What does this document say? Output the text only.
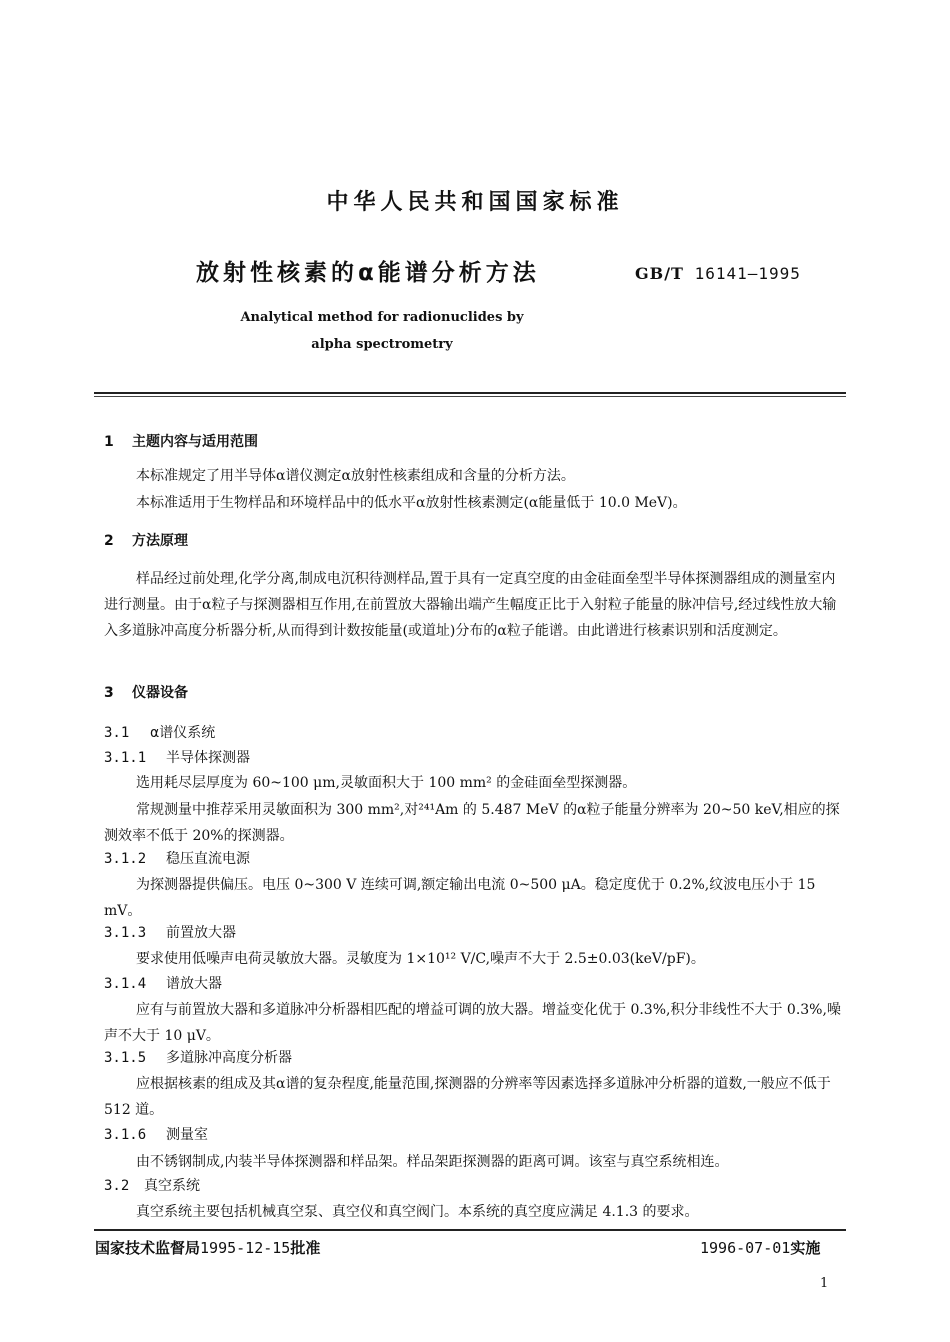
中华人民共和国国家标准
放射性核素的α能谱分析方法	GB/T 16141—1995
Analytical method for radionuclides by
alpha spectrometry
1 主题内容与适用范围
本标准规定了用半导体α谱仪测定α放射性核素组成和含量的分析方法。
本标准适用于生物样品和环境样品中的低水平α放射性核素测定(α能量低于 10.0 MeV)。
2 方法原理
样品经过前处理,化学分离,制成电沉积待测样品,置于具有一定真空度的由金硅面垒型半导体探测器组成的测量室内进行测量。由于α粒子与探测器相互作用,在前置放大器输出端产生幅度正比于入射粒子能量的脉冲信号,经过线性放大输入多道脉冲高度分析器分析,从而得到计数按能量(或道址)分布的α粒子能谱。由此谱进行核素识别和活度测定。
3 仪器设备
3.1 α谱仪系统
3.1.1 半导体探测器
选用耗尽层厚度为 60~100 μm,灵敏面积大于 100 mm² 的金硅面垒型探测器。
常规测量中推荐采用灵敏面积为 300 mm²,对²⁴¹Am 的 5.487 MeV 的α粒子能量分辨率为 20~50 keV,相应的探测效率不低于 20%的探测器。
3.1.2 稳压直流电源
为探测器提供偏压。电压 0~300 V 连续可调,额定输出电流 0~500 μA。稳定度优于 0.2%,纹波电压小于 15 mV。
3.1.3 前置放大器
要求使用低噪声电荷灵敏放大器。灵敏度为 1×10¹² V/C,噪声不大于 2.5±0.03(keV/pF)。
3.1.4 谱放大器
应有与前置放大器和多道脉冲分析器相匹配的增益可调的放大器。增益变化优于 0.3%,积分非线性不大于 0.3%,噪声不大于 10 μV。
3.1.5 多道脉冲高度分析器
应根据核素的组成及其α谱的复杂程度,能量范围,探测器的分辨率等因素选择多道脉冲分析器的道数,一般应不低于 512 道。
3.1.6 测量室
由不锈钢制成,内装半导体探测器和样品架。样品架距探测器的距离可调。该室与真空系统相连。
3.2 真空系统
真空系统主要包括机械真空泵、真空仪和真空阀门。本系统的真空度应满足 4.1.3 的要求。
国家技术监督局1995-12-15批准	1996-07-01实施
1
